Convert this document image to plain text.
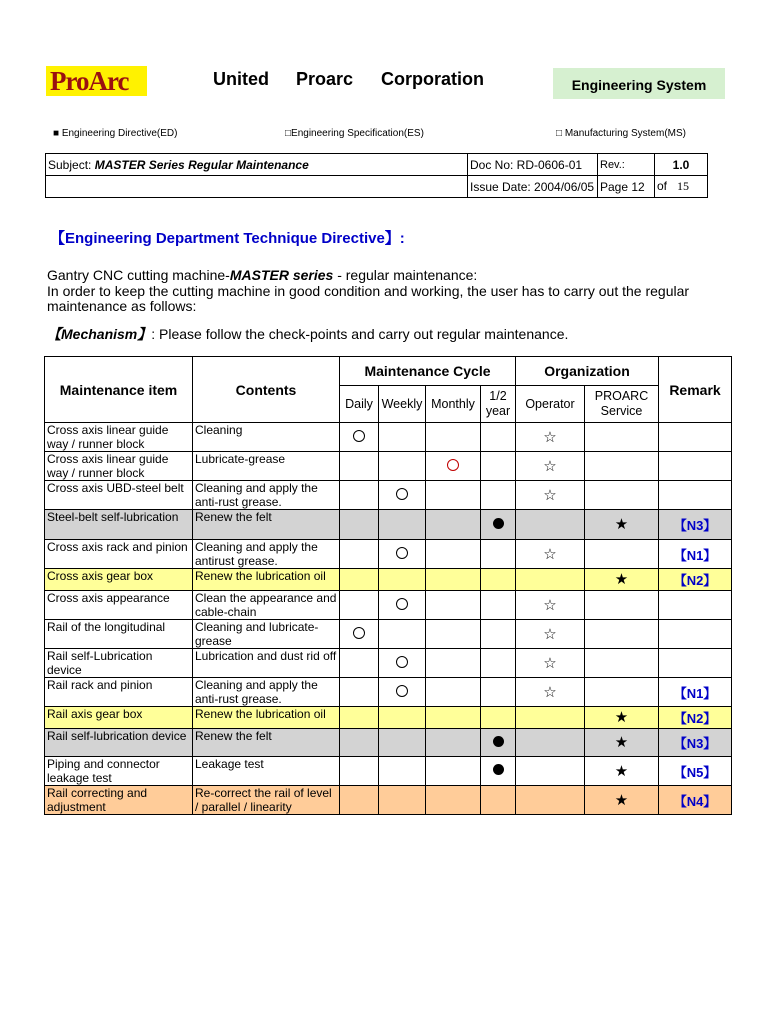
ProArc	United Proarc Corporation	Engineering System
■ Engineering Directive(ED)	□Engineering Specification(ES)	□ Manufacturing System(MS)
Subject: MASTER Series Regular Maintenance	Doc No: RD-0606-01	Rev.:	1.0
	Issue Date: 2004/06/05	Page 12	of 15
【Engineering Department Technique Directive】:
Gantry CNC cutting machine-MASTER series - regular maintenance:
In order to keep the cutting machine in good condition and working, the user has to carry out the regular
maintenance as follows:
【Mechanism】: Please follow the check-points and carry out regular maintenance.
Maintenance item	Contents	Maintenance Cycle				Organization		Remark
		Daily	Weekly	Monthly	1/2 year	Operator	PROARC Service	
Cross axis linear guide way / runner block	Cleaning					☆		
Cross axis linear guide way / runner block	Lubricate-grease					☆		
Cross axis UBD-steel belt	Cleaning and apply the anti-rust grease.					☆		
Steel-belt self-lubrication	Renew the felt						★	【N3】
Cross axis rack and pinion	Cleaning and apply the antirust grease.					☆		【N1】
Cross axis gear box	Renew the lubrication oil						★	【N2】
Cross axis appearance	Clean the appearance and cable-chain					☆		
Rail of the longitudinal	Cleaning and lubricate-grease					☆		
Rail self-Lubrication device	Lubrication and dust rid off					☆		
Rail rack and pinion	Cleaning and apply the anti-rust grease.					☆		【N1】
Rail axis gear box	Renew the lubrication oil						★	【N2】
Rail self-lubrication device	Renew the felt						★	【N3】
Piping and connector leakage test	Leakage test						★	【N5】
Rail correcting and adjustment	Re-correct the rail of level / parallel / linearity						★	【N4】
